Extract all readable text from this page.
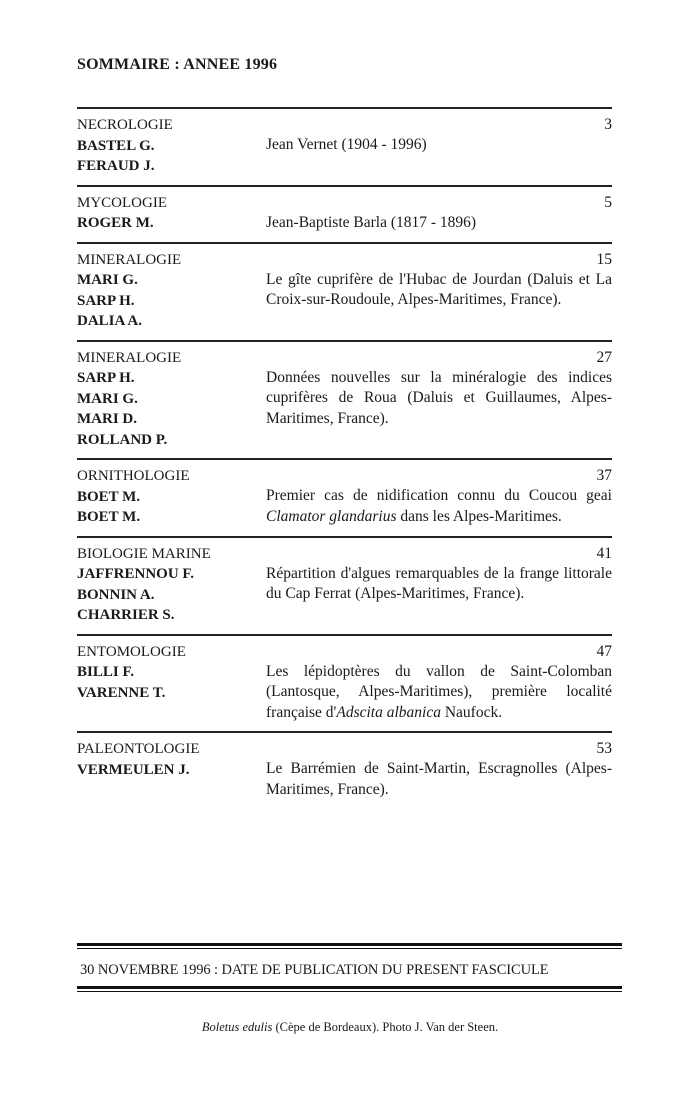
SOMMAIRE : ANNEE 1996
NECROLOGIE
BASTEL G.
FERAUD J.
Jean Vernet (1904 - 1996)
3
MYCOLOGIE
ROGER M.	Jean-Baptiste Barla (1817 - 1896)
5
MINERALOGIE
MARI G.
SARP H.
DALIA A.
Le gîte cuprifère de l'Hubac de Jourdan (Daluis et La Croix-sur-Roudoule, Alpes-Maritimes, France).
15
MINERALOGIE
SARP H.
MARI G.
MARI D.
ROLLAND P.
Données nouvelles sur la minéralogie des indices cuprifères de Roua (Daluis et Guillaumes, Alpes-Maritimes, France).
27
ORNITHOLOGIE
BOET M.
BOET M.
Premier cas de nidification connu du Coucou geai Clamator glandarius dans les Alpes-Maritimes.
37
BIOLOGIE MARINE
JAFFRENNOU F.
BONNIN A.
CHARRIER S.
Répartition d'algues remarquables de la frange littorale du Cap Ferrat (Alpes-Maritimes, France).
41
ENTOMOLOGIE
BILLI F.
VARENNE T.
Les lépidoptères du vallon de Saint-Colomban (Lantosque, Alpes-Maritimes), première localité française d'Adscita albanica Naufock.
47
PALEONTOLOGIE
VERMEULEN J.	Le Barrémien de Saint-Martin, Escragnolles (Alpes-Maritimes, France).
53
30 NOVEMBRE 1996 : DATE DE PUBLICATION DU PRESENT FASCICULE
Boletus edulis (Cèpe de Bordeaux). Photo J. Van der Steen.
